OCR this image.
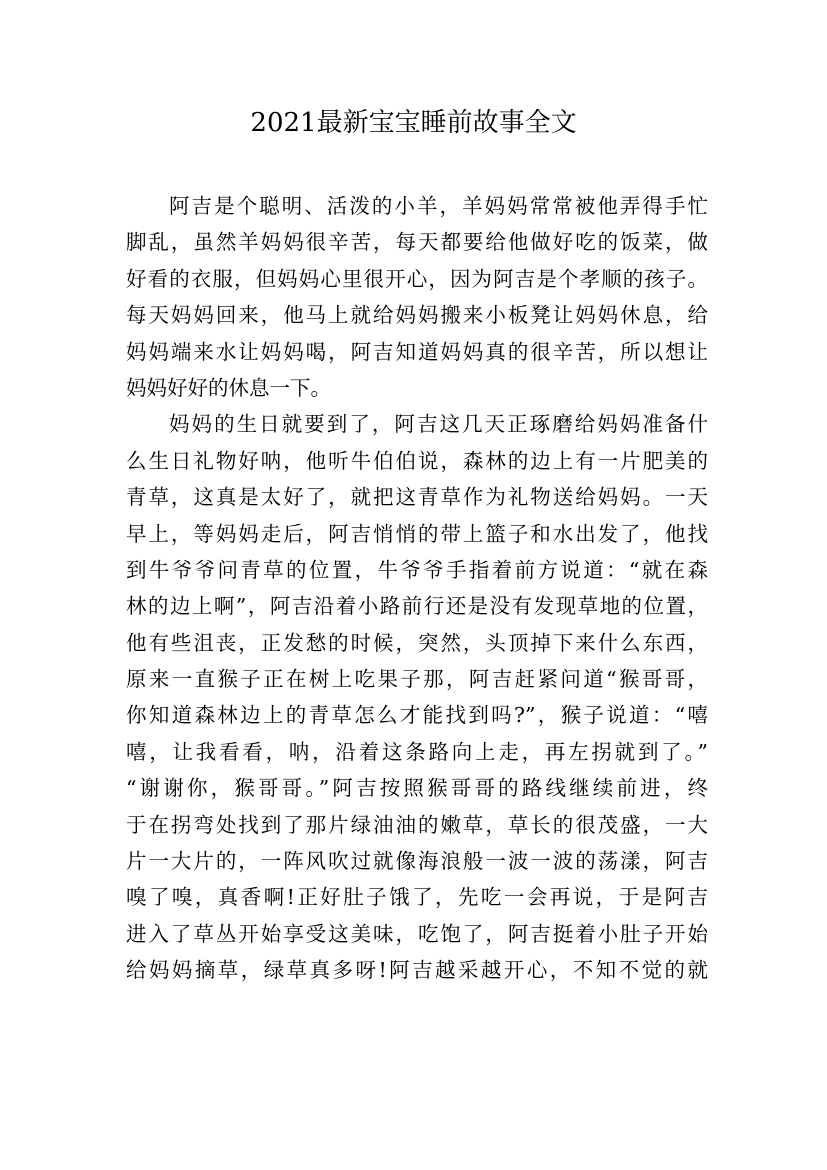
2021最新宝宝睡前故事全文
阿吉是个聪明、活泼的小羊，羊妈妈常常被他弄得手忙
脚乱，虽然羊妈妈很辛苦，每天都要给他做好吃的饭菜，做
好看的衣服，但妈妈心里很开心，因为阿吉是个孝顺的孩子。
每天妈妈回来，他马上就给妈妈搬来小板凳让妈妈休息，给
妈妈端来水让妈妈喝，阿吉知道妈妈真的很辛苦，所以想让
妈妈好好的休息一下。
妈妈的生日就要到了，阿吉这几天正琢磨给妈妈准备什
么生日礼物好呐，他听牛伯伯说，森林的边上有一片肥美的
青草，这真是太好了，就把这青草作为礼物送给妈妈。一天
早上，等妈妈走后，阿吉悄悄的带上篮子和水出发了，他找
到牛爷爷问青草的位置，牛爷爷手指着前方说道：“就在森
林的边上啊”，阿吉沿着小路前行还是没有发现草地的位置，
他有些沮丧，正发愁的时候，突然，头顶掉下来什么东西，
原来一直猴子正在树上吃果子那，阿吉赶紧问道“猴哥哥，
你知道森林边上的青草怎么才能找到吗?”，猴子说道：“嘻
嘻，让我看看，呐，沿着这条路向上走，再左拐就到了。”
“谢谢你，猴哥哥。”阿吉按照猴哥哥的路线继续前进，终
于在拐弯处找到了那片绿油油的嫩草，草长的很茂盛，一大
片一大片的，一阵风吹过就像海浪般一波一波的荡漾，阿吉
嗅了嗅，真香啊!正好肚子饿了，先吃一会再说，于是阿吉
进入了草丛开始享受这美味，吃饱了，阿吉挺着小肚子开始
给妈妈摘草，绿草真多呀!阿吉越采越开心，不知不觉的就
